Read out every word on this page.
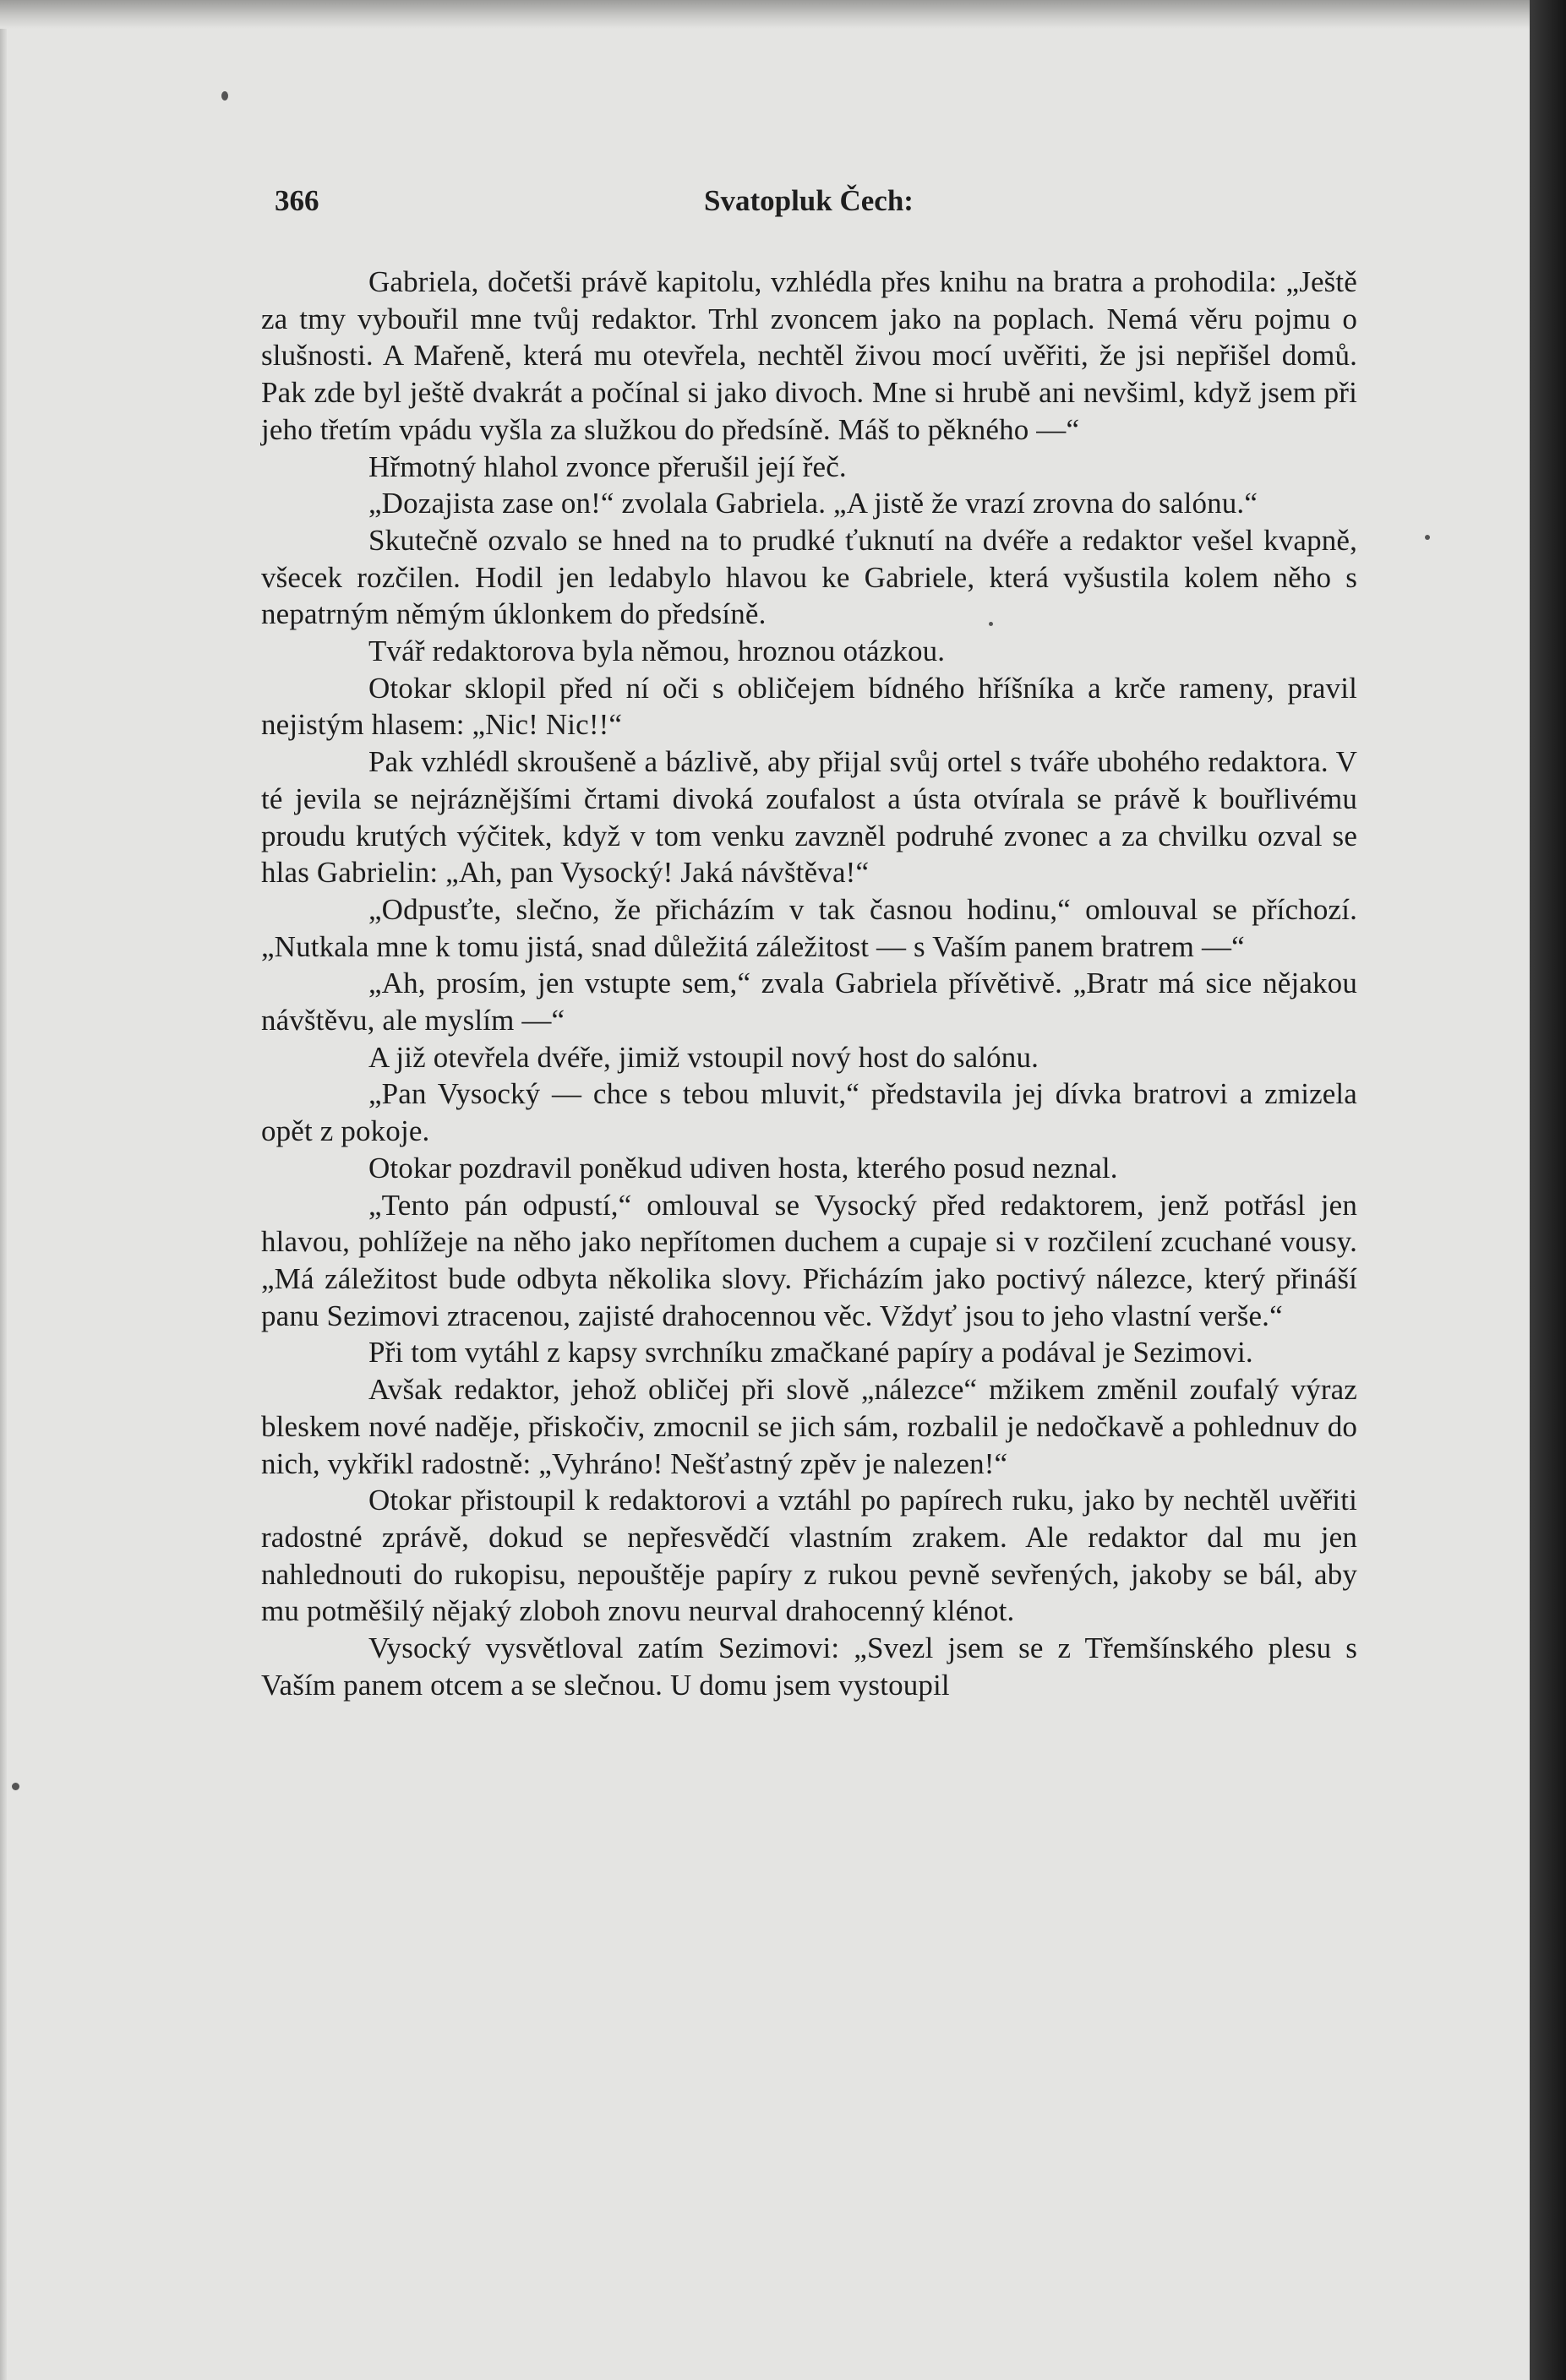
366	Svatopluk Čech:

Gabriela, dočetši právě kapitolu, vzhlédla přes knihu na bratra a prohodila: „Ještě za tmy vybouřil mne tvůj redaktor. Trhl zvoncem jako na poplach. Nemá věru pojmu o slušnosti. A Mařeně, která mu otevřela, nechtěl živou mocí uvěřiti, že jsi nepřišel domů. Pak zde byl ještě dvakrát a počínal si jako divoch. Mne si hrubě ani nevšiml, když jsem při jeho třetím vpádu vyšla za služkou do předsíně. Máš to pěkného —“

Hřmotný hlahol zvonce přerušil její řeč.

„Dozajista zase on!“ zvolala Gabriela. „A jistě že vrazí zrovna do salónu.“

Skutečně ozvalo se hned na to prudké ťuknutí na dvéře a redaktor vešel kvapně, všecek rozčilen. Hodil jen ledabylo hlavou ke Gabriele, která vyšustila kolem něho s nepatrným němým úklonkem do předsíně.

Tvář redaktorova byla němou, hroznou otázkou.

Otokar sklopil před ní oči s obličejem bídného hříšníka a krče rameny, pravil nejistým hlasem: „Nic! Nic!!“

Pak vzhlédl skroušeně a bázlivě, aby přijal svůj ortel s tváře ubohého redaktora. V té jevila se nejráznějšími črtami divoká zoufalost a ústa otvírala se právě k bouřlivému proudu krutých výčitek, když v tom venku zavzněl podruhé zvonec a za chvilku ozval se hlas Gabrielin: „Ah, pan Vysocký! Jaká návštěva!“

„Odpusťte, slečno, že přicházím v tak časnou hodinu,“ omlouval se příchozí. „Nutkala mne k tomu jistá, snad důležitá záležitost — s Vaším panem bratrem —“

„Ah, prosím, jen vstupte sem,“ zvala Gabriela přívětivě. „Bratr má sice nějakou návštěvu, ale myslím —“

A již otevřela dvéře, jimiž vstoupil nový host do salónu.

„Pan Vysocký — chce s tebou mluvit,“ představila jej dívka bratrovi a zmizela opět z pokoje.

Otokar pozdravil poněkud udiven hosta, kterého posud neznal.

„Tento pán odpustí,“ omlouval se Vysocký před redaktorem, jenž potřásl jen hlavou, pohlížeje na něho jako nepřítomen duchem a cupaje si v rozčilení zcuchané vousy. „Má záležitost bude odbyta několika slovy. Přicházím jako poctivý nálezce, který přináší panu Sezimovi ztracenou, zajisté drahocennou věc. Vždyť jsou to jeho vlastní verše.“

Při tom vytáhl z kapsy svrchníku zmačkané papíry a podával je Sezimovi.

Avšak redaktor, jehož obličej při slově „nálezce“ mžikem změnil zoufalý výraz bleskem nové naděje, přiskočiv, zmocnil se jich sám, rozbalil je nedočkavě a pohlednuv do nich, vykřikl radostně: „Vyhráno! Nešťastný zpěv je nalezen!“

Otokar přistoupil k redaktorovi a vztáhl po papírech ruku, jako by nechtěl uvěřiti radostné zprávě, dokud se nepřesvědčí vlastním zrakem. Ale redaktor dal mu jen nahlednouti do rukopisu, nepouštěje papíry z rukou pevně sevřených, jakoby se bál, aby mu potměšilý nějaký zloboh znovu neurval drahocenný klénot.

Vysocký vysvětloval zatím Sezimovi: „Svezl jsem se z Třemšínského plesu s Vaším panem otcem a se slečnou. U domu jsem vystoupil
